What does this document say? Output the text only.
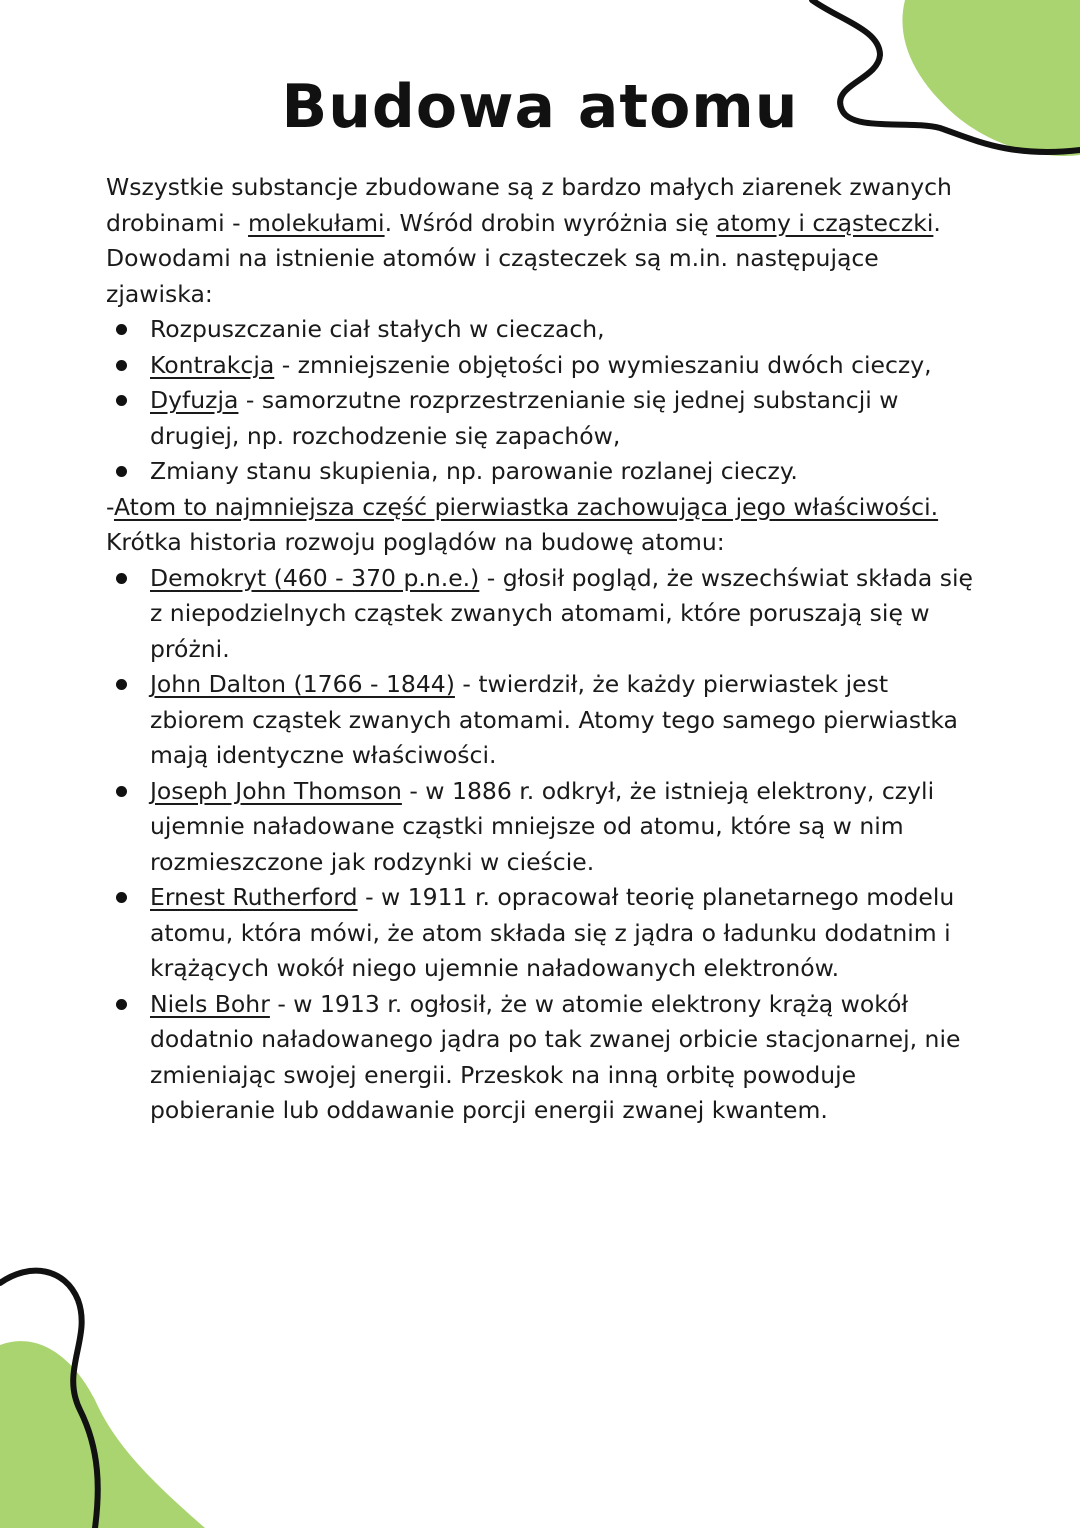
Budowa atomu

Wszystkie substancje zbudowane są z bardzo małych ziarenek zwanych drobinami - molekułami. Wśród drobin wyróżnia się atomy i cząsteczki.

Dowodami na istnienie atomów i cząsteczek są m.in. następujące zjawiska:

Rozpuszczanie ciał stałych w cieczach,
Kontrakcja - zmniejszenie objętości po wymieszaniu dwóch cieczy,
Dyfuzja - samorzutne rozprzestrzenianie się jednej substancji w drugiej, np. rozchodzenie się zapachów,
Zmiany stanu skupienia, np. parowanie rozlanej cieczy.

-Atom to najmniejsza część pierwiastka zachowująca jego właściwości.

Krótka historia rozwoju poglądów na budowę atomu:

Demokryt (460 - 370 p.n.e.) - głosił pogląd, że wszechświat składa się z niepodzielnych cząstek zwanych atomami, które poruszają się w próżni.
John Dalton (1766 - 1844) - twierdził, że każdy pierwiastek jest zbiorem cząstek zwanych atomami. Atomy tego samego pierwiastka mają identyczne właściwości.
Joseph John Thomson - w 1886 r. odkrył, że istnieją elektrony, czyli ujemnie naładowane cząstki mniejsze od atomu, które są w nim rozmieszczone jak rodzynki w cieście.
Ernest Rutherford - w 1911 r. opracował teorię planetarnego modelu atomu, która mówi, że atom składa się z jądra o ładunku dodatnim i krążących wokół niego ujemnie naładowanych elektronów.
Niels Bohr - w 1913 r. ogłosił, że w atomie elektrony krążą wokół dodatnio naładowanego jądra po tak zwanej orbicie stacjonarnej, nie zmieniając swojej energii. Przeskok na inną orbitę powoduje pobieranie lub oddawanie porcji energii zwanej kwantem.
